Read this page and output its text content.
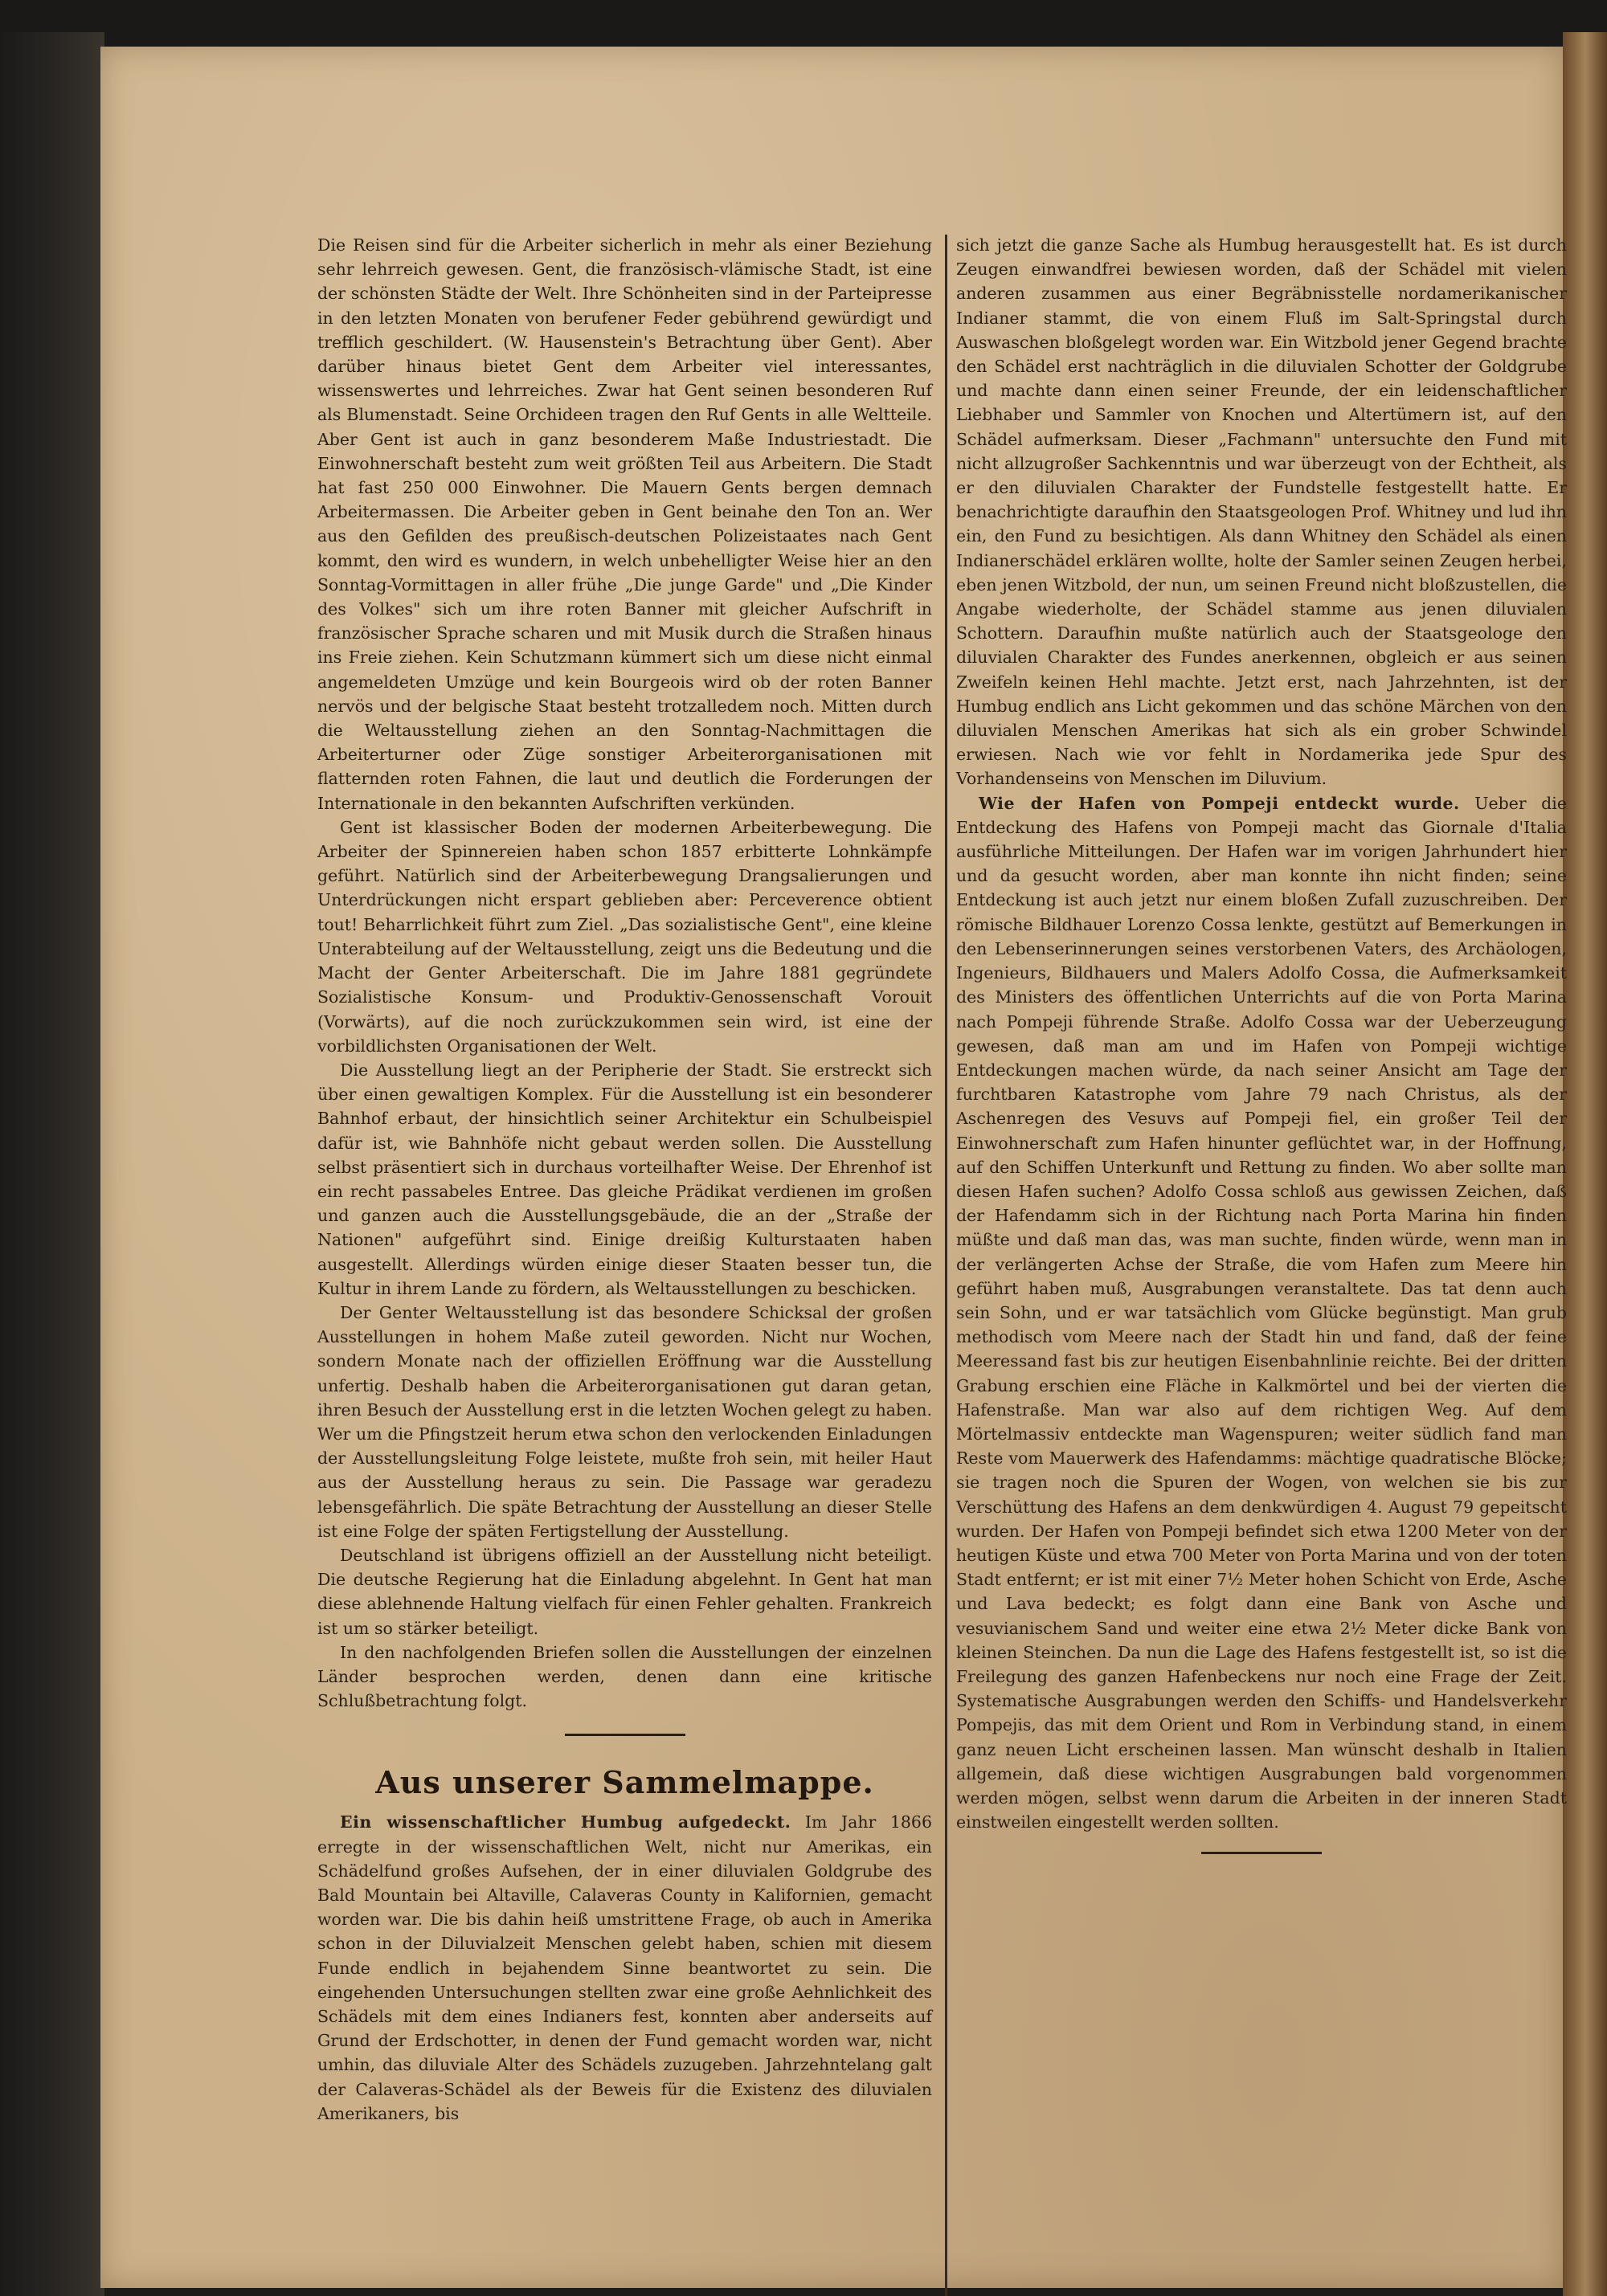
Die Reisen sind für die Arbeiter sicherlich in mehr als einer Beziehung sehr lehrreich gewesen. Gent, die französisch-vlämische Stadt, ist eine der schönsten Städte der Welt. Ihre Schönheiten sind in der Parteipresse in den letzten Monaten von berufener Feder gebührend gewürdigt und trefflich geschildert. (W. Hausenstein's Betrachtung über Gent). Aber darüber hinaus bietet Gent dem Arbeiter viel interessantes, wissenswertes und lehrreiches. Zwar hat Gent seinen besonderen Ruf als Blumenstadt. Seine Orchideen tragen den Ruf Gents in alle Weltteile. Aber Gent ist auch in ganz besonderem Maße Industriestadt. Die Einwohnerschaft besteht zum weit größten Teil aus Arbeitern. Die Stadt hat fast 250 000 Einwohner. Die Mauern Gents bergen demnach Arbeitermassen. Die Arbeiter geben in Gent beinahe den Ton an. Wer aus den Gefilden des preußisch-deutschen Polizeistaates nach Gent kommt, den wird es wundern, in welch unbehelligter Weise hier an den Sonntag-Vormittagen in aller frühe „Die junge Garde" und „Die Kinder des Volkes" sich um ihre roten Banner mit gleicher Aufschrift in französischer Sprache scharen und mit Musik durch die Straßen hinaus ins Freie ziehen. Kein Schutzmann kümmert sich um diese nicht einmal angemeldeten Umzüge und kein Bourgeois wird ob der roten Banner nervös und der belgische Staat besteht trotzalledem noch. Mitten durch die Weltausstellung ziehen an den Sonntag-Nachmittagen die Arbeiterturner oder Züge sonstiger Arbeiterorganisationen mit flatternden roten Fahnen, die laut und deutlich die Forderungen der Internationale in den bekannten Aufschriften verkünden.

Gent ist klassischer Boden der modernen Arbeiterbewegung. Die Arbeiter der Spinnereien haben schon 1857 erbitterte Lohnkämpfe geführt. Natürlich sind der Arbeiterbewegung Drangsalierungen und Unterdrückungen nicht erspart geblieben aber: Perceverence obtient tout! Beharrlichkeit führt zum Ziel. „Das sozialistische Gent", eine kleine Unterabteilung auf der Weltausstellung, zeigt uns die Bedeutung und die Macht der Genter Arbeiterschaft. Die im Jahre 1881 gegründete Sozialistische Konsum- und Produktiv-Genossenschaft Vorouit (Vorwärts), auf die noch zurückzukommen sein wird, ist eine der vorbildlichsten Organisationen der Welt.

Die Ausstellung liegt an der Peripherie der Stadt. Sie erstreckt sich über einen gewaltigen Komplex. Für die Ausstellung ist ein besonderer Bahnhof erbaut, der hinsichtlich seiner Architektur ein Schulbeispiel dafür ist, wie Bahnhöfe nicht gebaut werden sollen. Die Ausstellung selbst präsentiert sich in durchaus vorteilhafter Weise. Der Ehrenhof ist ein recht passabeles Entree. Das gleiche Prädikat verdienen im großen und ganzen auch die Ausstellungsgebäude, die an der „Straße der Nationen" aufgeführt sind. Einige dreißig Kulturstaaten haben ausgestellt. Allerdings würden einige dieser Staaten besser tun, die Kultur in ihrem Lande zu fördern, als Weltausstellungen zu beschicken.

Der Genter Weltausstellung ist das besondere Schicksal der großen Ausstellungen in hohem Maße zuteil geworden. Nicht nur Wochen, sondern Monate nach der offiziellen Eröffnung war die Ausstellung unfertig. Deshalb haben die Arbeiterorganisationen gut daran getan, ihren Besuch der Ausstellung erst in die letzten Wochen gelegt zu haben. Wer um die Pfingstzeit herum etwa schon den verlockenden Einladungen der Ausstellungsleitung Folge leistete, mußte froh sein, mit heiler Haut aus der Ausstellung heraus zu sein. Die Passage war geradezu lebensgefährlich. Die späte Betrachtung der Ausstellung an dieser Stelle ist eine Folge der späten Fertigstellung der Ausstellung.

Deutschland ist übrigens offiziell an der Ausstellung nicht beteiligt. Die deutsche Regierung hat die Einladung abgelehnt. In Gent hat man diese ablehnende Haltung vielfach für einen Fehler gehalten. Frankreich ist um so stärker beteiligt.

In den nachfolgenden Briefen sollen die Ausstellungen der einzelnen Länder besprochen werden, denen dann eine kritische Schlußbetrachtung folgt.

Aus unserer Sammelmappe.

Ein wissenschaftlicher Humbug aufgedeckt. Im Jahr 1866 erregte in der wissenschaftlichen Welt, nicht nur Amerikas, ein Schädelfund großes Aufsehen, der in einer diluvialen Goldgrube des Bald Mountain bei Altaville, Calaveras County in Kalifornien, gemacht worden war. Die bis dahin heiß umstrittene Frage, ob auch in Amerika schon in der Diluvialzeit Menschen gelebt haben, schien mit diesem Funde endlich in bejahendem Sinne beantwortet zu sein. Die eingehenden Untersuchungen stellten zwar eine große Aehnlichkeit des Schädels mit dem eines Indianers fest, konnten aber anderseits auf Grund der Erdschotter, in denen der Fund gemacht worden war, nicht umhin, das diluviale Alter des Schädels zuzugeben. Jahrzehntelang galt der Calaveras-Schädel als der Beweis für die Existenz des diluvialen Amerikaners, bis

sich jetzt die ganze Sache als Humbug herausgestellt hat. Es ist durch Zeugen einwandfrei bewiesen worden, daß der Schädel mit vielen anderen zusammen aus einer Begräbnisstelle nordamerikanischer Indianer stammt, die von einem Fluß im Salt-Springstal durch Auswaschen bloßgelegt worden war. Ein Witzbold jener Gegend brachte den Schädel erst nachträglich in die diluvialen Schotter der Goldgrube und machte dann einen seiner Freunde, der ein leidenschaftlicher Liebhaber und Sammler von Knochen und Altertümern ist, auf den Schädel aufmerksam. Dieser „Fachmann" untersuchte den Fund mit nicht allzugroßer Sachkenntnis und war überzeugt von der Echtheit, als er den diluvialen Charakter der Fundstelle festgestellt hatte. Er benachrichtigte daraufhin den Staatsgeologen Prof. Whitney und lud ihn ein, den Fund zu besichtigen. Als dann Whitney den Schädel als einen Indianerschädel erklären wollte, holte der Samler seinen Zeugen herbei, eben jenen Witzbold, der nun, um seinen Freund nicht bloßzustellen, die Angabe wiederholte, der Schädel stamme aus jenen diluvialen Schottern. Daraufhin mußte natürlich auch der Staatsgeologe den diluvialen Charakter des Fundes anerkennen, obgleich er aus seinen Zweifeln keinen Hehl machte. Jetzt erst, nach Jahrzehnten, ist der Humbug endlich ans Licht gekommen und das schöne Märchen von den diluvialen Menschen Amerikas hat sich als ein grober Schwindel erwiesen. Nach wie vor fehlt in Nordamerika jede Spur des Vorhandenseins von Menschen im Diluvium.

Wie der Hafen von Pompeji entdeckt wurde. Ueber die Entdeckung des Hafens von Pompeji macht das Giornale d'Italia ausführliche Mitteilungen. Der Hafen war im vorigen Jahrhundert hier und da gesucht worden, aber man konnte ihn nicht finden; seine Entdeckung ist auch jetzt nur einem bloßen Zufall zuzuschreiben. Der römische Bildhauer Lorenzo Cossa lenkte, gestützt auf Bemerkungen in den Lebenserinnerungen seines verstorbenen Vaters, des Archäologen, Ingenieurs, Bildhauers und Malers Adolfo Cossa, die Aufmerksamkeit des Ministers des öffentlichen Unterrichts auf die von Porta Marina nach Pompeji führende Straße. Adolfo Cossa war der Ueberzeugung gewesen, daß man am und im Hafen von Pompeji wichtige Entdeckungen machen würde, da nach seiner Ansicht am Tage der furchtbaren Katastrophe vom Jahre 79 nach Christus, als der Aschenregen des Vesuvs auf Pompeji fiel, ein großer Teil der Einwohnerschaft zum Hafen hinunter geflüchtet war, in der Hoffnung, auf den Schiffen Unterkunft und Rettung zu finden. Wo aber sollte man diesen Hafen suchen? Adolfo Cossa schloß aus gewissen Zeichen, daß der Hafendamm sich in der Richtung nach Porta Marina hin finden müßte und daß man das, was man suchte, finden würde, wenn man in der verlängerten Achse der Straße, die vom Hafen zum Meere hin geführt haben muß, Ausgrabungen veranstaltete. Das tat denn auch sein Sohn, und er war tatsächlich vom Glücke begünstigt. Man grub methodisch vom Meere nach der Stadt hin und fand, daß der feine Meeressand fast bis zur heutigen Eisenbahnlinie reichte. Bei der dritten Grabung erschien eine Fläche in Kalkmörtel und bei der vierten die Hafenstraße. Man war also auf dem richtigen Weg. Auf dem Mörtelmassiv entdeckte man Wagenspuren; weiter südlich fand man Reste vom Mauerwerk des Hafendamms: mächtige quadratische Blöcke; sie tragen noch die Spuren der Wogen, von welchen sie bis zur Verschüttung des Hafens an dem denkwürdigen 4. August 79 gepeitscht wurden. Der Hafen von Pompeji befindet sich etwa 1200 Meter von der heutigen Küste und etwa 700 Meter von Porta Marina und von der toten Stadt entfernt; er ist mit einer 7½ Meter hohen Schicht von Erde, Asche und Lava bedeckt; es folgt dann eine Bank von Asche und vesuvianischem Sand und weiter eine etwa 2½ Meter dicke Bank von kleinen Steinchen. Da nun die Lage des Hafens festgestellt ist, so ist die Freilegung des ganzen Hafenbeckens nur noch eine Frage der Zeit. Systematische Ausgrabungen werden den Schiffs- und Handelsverkehr Pompejis, das mit dem Orient und Rom in Verbindung stand, in einem ganz neuen Licht erscheinen lassen. Man wünscht deshalb in Italien allgemein, daß diese wichtigen Ausgrabungen bald vorgenommen werden mögen, selbst wenn darum die Arbeiten in der inneren Stadt einstweilen eingestellt werden sollten.
